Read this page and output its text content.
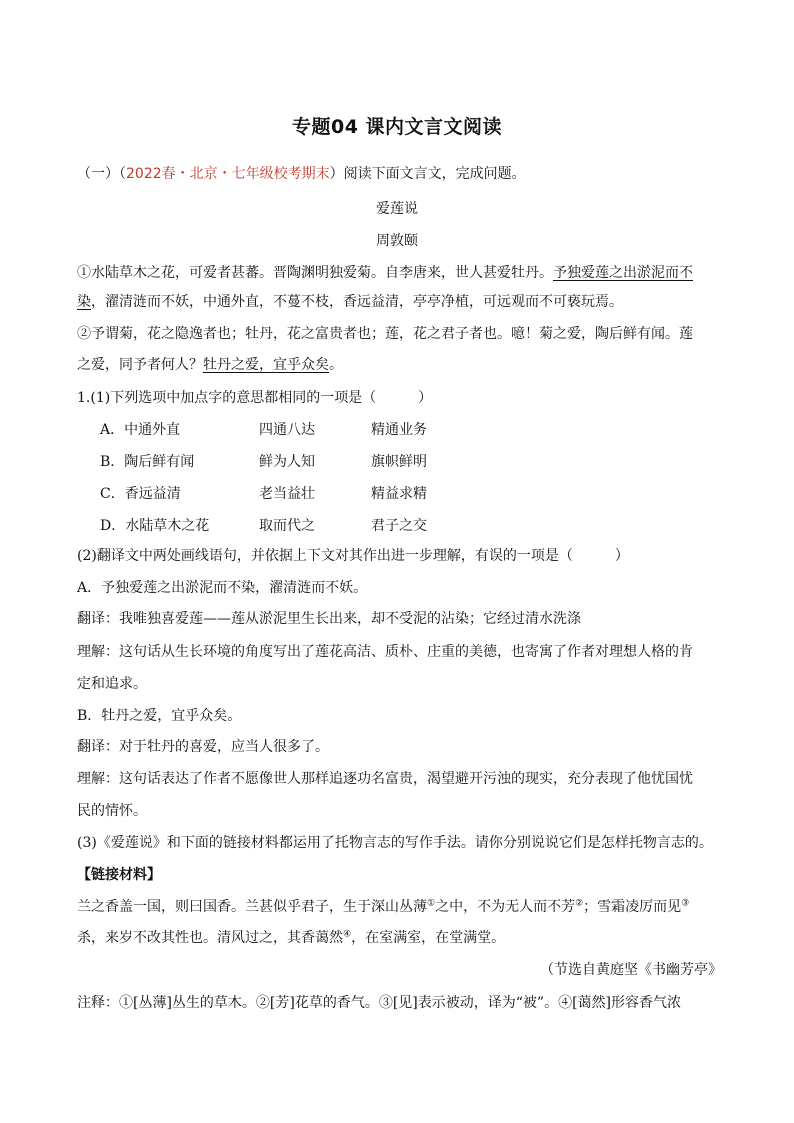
专题04 课内文言文阅读
（一）（2022春・北京・七年级校考期末）阅读下面文言文，完成问题。
爱莲说
周敦颐
①水陆草木之花，可爱者甚蕃。晋陶渊明独爱菊。自李唐来，世人甚爱牡丹。予独爱莲之出淤泥而不
染，濯清涟而不妖，中通外直，不蔓不枝，香远益清，亭亭净植，可远观而不可亵玩焉。
②予谓菊，花之隐逸者也；牡丹，花之富贵者也；莲，花之君子者也。噫！菊之爱，陶后鲜有闻。莲
之爱，同予者何人？牡丹之爱，宜乎众矣。
1.(1)下列选项中加点字的意思都相同的一项是（　　　）
A．中通外直	四通八达	精通业务
B．陶后鲜有闻	鲜为人知	旗帜鲜明
C．香远益清	老当益壮	精益求精
D．水陆草木之花	取而代之	君子之交
(2)翻译文中两处画线语句，并依据上下文对其作出进一步理解，有误的一项是（　　　）
A．予独爱莲之出淤泥而不染，濯清涟而不妖。
翻译：我唯独喜爱莲——莲从淤泥里生长出来，却不受泥的沾染；它经过清水洗涤
理解：这句话从生长环境的角度写出了莲花高洁、质朴、庄重的美德，也寄寓了作者对理想人格的肯
定和追求。
B．牡丹之爱，宜乎众矣。
翻译：对于牡丹的喜爱，应当人很多了。
理解：这句话表达了作者不愿像世人那样追逐功名富贵，渴望避开污浊的现实，充分表现了他忧国忧
民的情怀。
(3)《爱莲说》和下面的链接材料都运用了托物言志的写作手法。请你分别说说它们是怎样托物言志的。
【链接材料】
兰之香盖一国，则曰国香。兰甚似乎君子，生于深山丛薄①之中，不为无人而不芳②；雪霜凌厉而见③
杀，来岁不改其性也。清风过之，其香蔼然④，在室满室，在堂满堂。
（节选自黄庭坚《书幽芳亭》
注释：①[丛薄]丛生的草木。②[芳]花草的香气。③[见]表示被动，译为“被”。④[蔼然]形容香气浓
